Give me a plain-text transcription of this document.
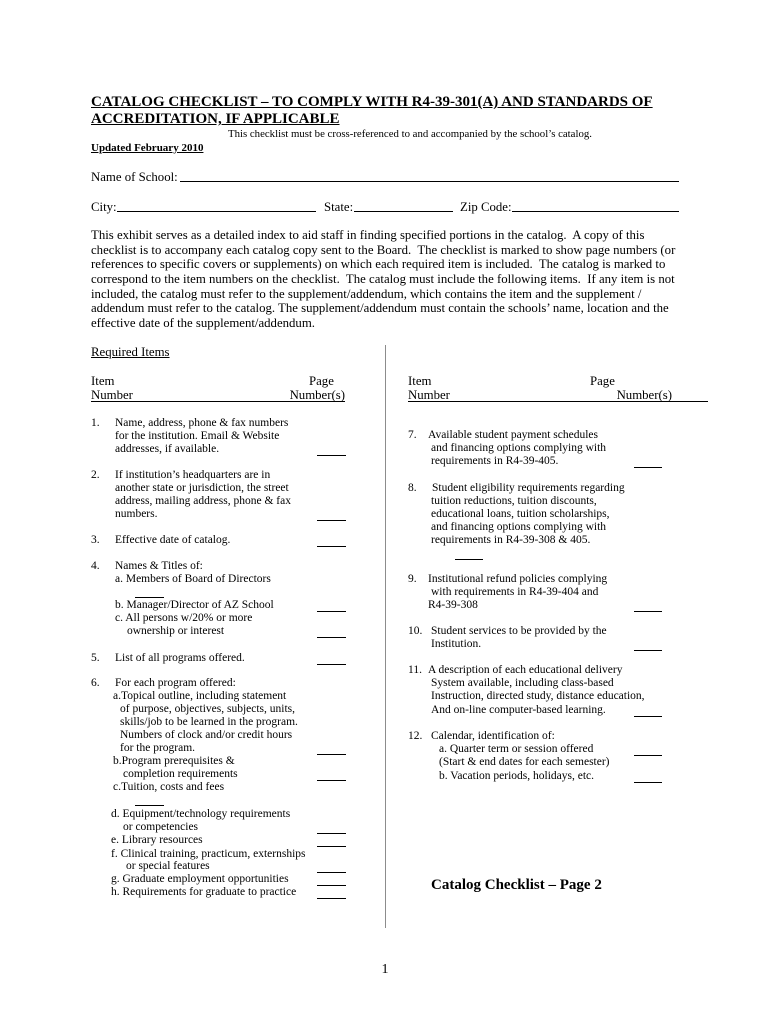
CATALOG CHECKLIST – TO COMPLY WITH R4-39-301(A) AND STANDARDS OF
ACCREDITATION, IF APPLICABLE
This checklist must be cross-referenced to and accompanied by the school’s catalog.
Updated February 2010
Name of School:
City:	State:	Zip Code:
This exhibit serves as a detailed index to aid staff in finding specified portions in the catalog.  A copy of this
checklist is to accompany each catalog copy sent to the Board.  The checklist is marked to show page numbers (or
references to specific covers or supplements) on which each required item is included.  The catalog is marked to
correspond to the item numbers on the checklist.  The catalog must include the following items.  If any item is not
included, the catalog must refer to the supplement/addendum, which contains the item and the supplement /
addendum must refer to the catalog. The supplement/addendum must contain the schools’ name, location and the
effective date of the supplement/addendum.
Required Items
Item	Page
Number	Number(s)
Item	Page
Number	Number(s)
1. Name, address, phone & fax numbers
for the institution. Email & Website
addresses, if available.
2. If institution’s headquarters are in
another state or jurisdiction, the street
address, mailing address, phone & fax
numbers.
3. Effective date of catalog.
4. Names & Titles of:
a. Members of Board of Directors
b. Manager/Director of AZ School
c. All persons w/20% or more
ownership or interest
5. List of all programs offered.
6. For each program offered:
a.Topical outline, including statement
of purpose, objectives, subjects, units,
skills/job to be learned in the program.
Numbers of clock and/or credit hours
for the program.
b.Program prerequisites &
completion requirements
c.Tuition, costs and fees
d. Equipment/technology requirements
or competencies
e. Library resources
f. Clinical training, practicum, externships
or special features
g. Graduate employment opportunities
h. Requirements for graduate to practice
7. Available student payment schedules
and financing options complying with
requirements in R4-39-405.
8. Student eligibility requirements regarding
tuition reductions, tuition discounts,
educational loans, tuition scholarships,
and financing options complying with
requirements in R4-39-308 & 405.
9. Institutional refund policies complying
with requirements in R4-39-404 and
R4-39-308
10. Student services to be provided by the
Institution.
11. A description of each educational delivery
System available, including class-based
Instruction, directed study, distance education,
And on-line computer-based learning.
12. Calendar, identification of:
a. Quarter term or session offered
(Start & end dates for each semester)
b. Vacation periods, holidays, etc.
Catalog Checklist – Page 2
1
